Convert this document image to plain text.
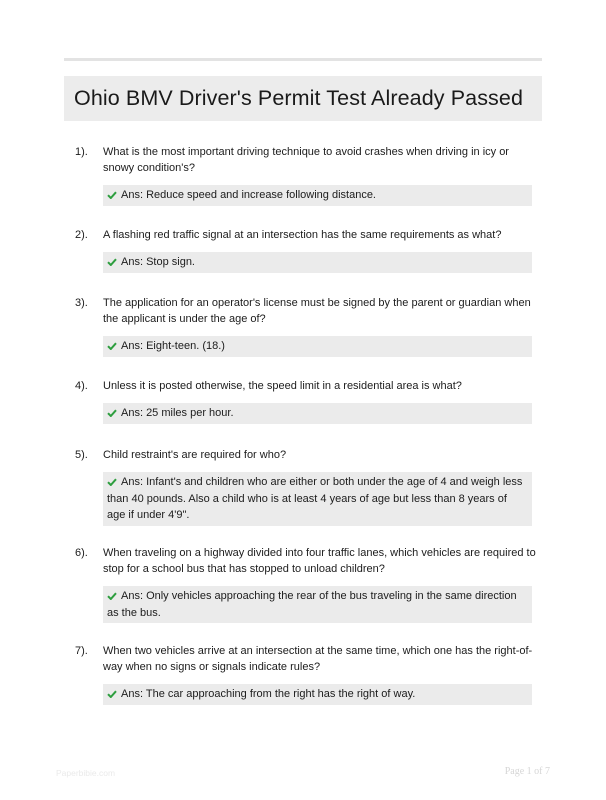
Ohio BMV Driver's Permit Test Already Passed
1).	What is the most important driving technique to avoid crashes when driving in icy or snowy condition's?
Ans: Reduce speed and increase following distance.
2).	A flashing red traffic signal at an intersection has the same requirements as what?
Ans: Stop sign.
3).	The application for an operator's license must be signed by the parent or guardian when the applicant is under the age of?
Ans: Eight-teen. (18.)
4).	Unless it is posted otherwise, the speed limit in a residential area is what?
Ans: 25 miles per hour.
5).	Child restraint's are required for who?
Ans: Infant's and children who are either or both under the age of 4 and weigh less than 40 pounds. Also a child who is at least 4 years of age but less than 8 years of age if under 4'9".
6).	When traveling on a highway divided into four traffic lanes, which vehicles are required to stop for a school bus that has stopped to unload children?
Ans: Only vehicles approaching the rear of the bus traveling in the same direction as the bus.
7).	When two vehicles arrive at an intersection at the same time, which one has the right-of-way when no signs or signals indicate rules?
Ans: The car approaching from the right has the right of way.
Paperbibie.com	Page 1 of 7
